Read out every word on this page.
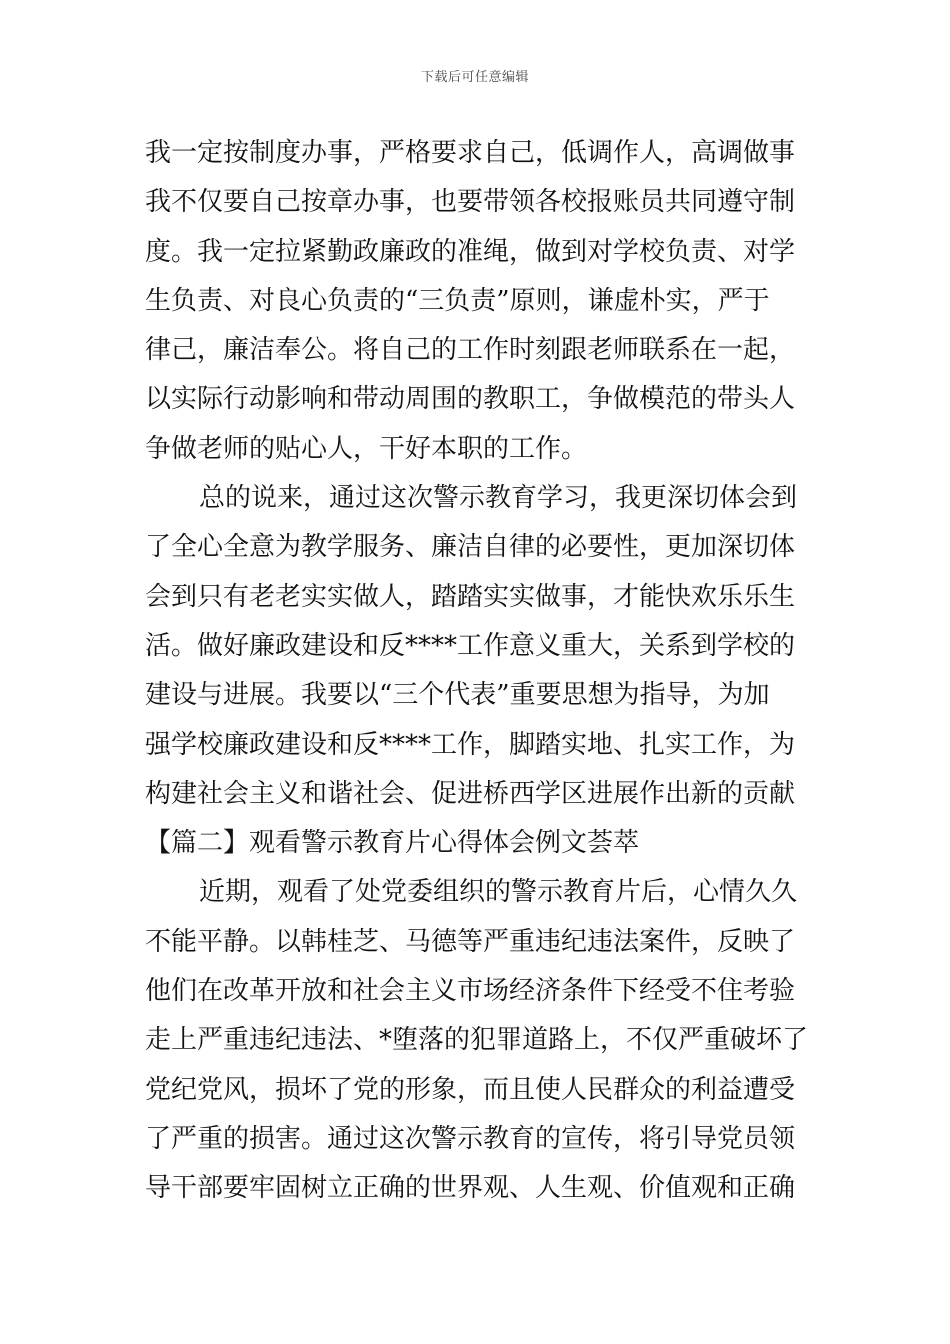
下载后可任意编辑
我一定按制度办事，严格要求自己，低调作人，高调做事
我不仅要自己按章办事，也要带领各校报账员共同遵守制
度。我一定拉紧勤政廉政的准绳，做到对学校负责、对学
生负责、对良心负责的“三负责”原则，谦虚朴实，严于
律己，廉洁奉公。将自己的工作时刻跟老师联系在一起，
以实际行动影响和带动周围的教职工，争做模范的带头人
争做老师的贴心人，干好本职的工作。
总的说来，通过这次警示教育学习，我更深切体会到
了全心全意为教学服务、廉洁自律的必要性，更加深切体
会到只有老老实实做人，踏踏实实做事，才能快欢乐乐生
活。做好廉政建设和反****工作意义重大，关系到学校的
建设与进展。我要以“三个代表”重要思想为指导，为加
强学校廉政建设和反****工作，脚踏实地、扎实工作，为
构建社会主义和谐社会、促进桥西学区进展作出新的贡献
【篇二】观看警示教育片心得体会例文荟萃
近期，观看了处党委组织的警示教育片后，心情久久
不能平静。以韩桂芝、马德等严重违纪违法案件，反映了
他们在改革开放和社会主义市场经济条件下经受不住考验
走上严重违纪违法、*堕落的犯罪道路上，不仅严重破坏了
党纪党风，损坏了党的形象，而且使人民群众的利益遭受
了严重的损害。通过这次警示教育的宣传，将引导党员领
导干部要牢固树立正确的世界观、人生观、价值观和正确
